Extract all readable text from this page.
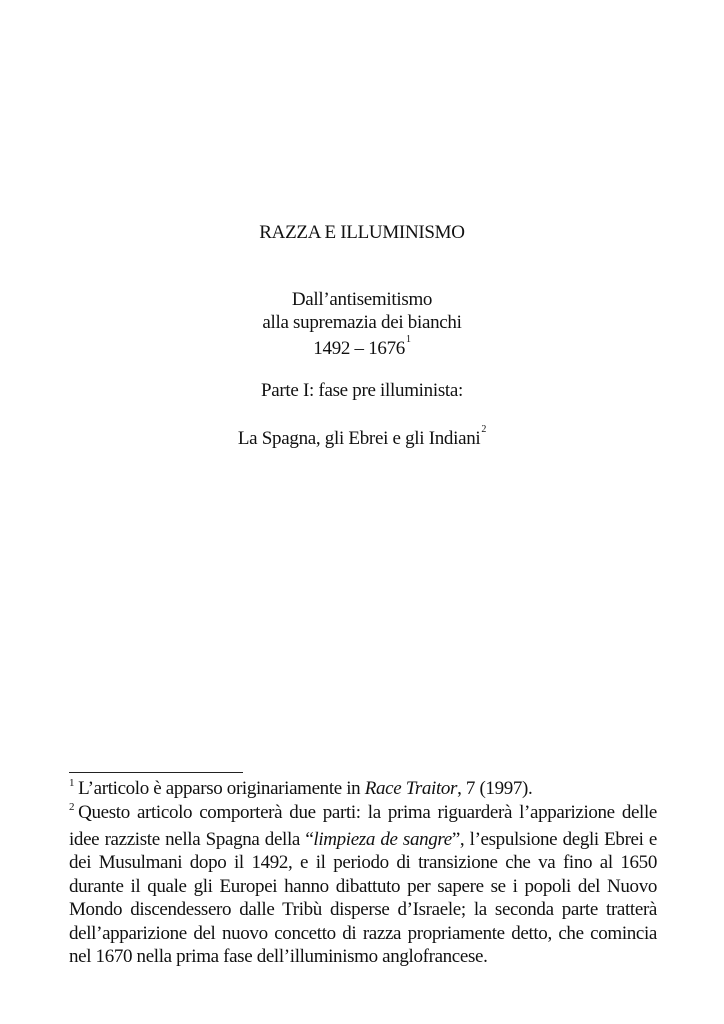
RAZZA E ILLUMINISMO
Dall’antisemitismo
alla supremazia dei bianchi
1492 – 1676$^1$
Parte I: fase pre illuminista:
La Spagna, gli Ebrei e gli Indiani$^2$
$^1$ L’articolo è apparso originariamente in Race Traitor, 7 (1997).
$^2$ Questo articolo comporterà due parti: la prima riguarderà l’apparizione delle idee razziste nella Spagna della “limpieza de sangre”, l’espulsione degli Ebrei e dei Musulmani dopo il 1492, e il periodo di transizione che va fino al 1650 durante il quale gli Europei hanno dibattuto per sapere se i popoli del Nuovo Mondo discendessero dalle Tribù disperse d’Israele; la seconda parte tratterà dell’apparizione del nuovo concetto di razza propriamente detto, che comincia nel 1670 nella prima fase dell’illuminismo anglofrancese.
